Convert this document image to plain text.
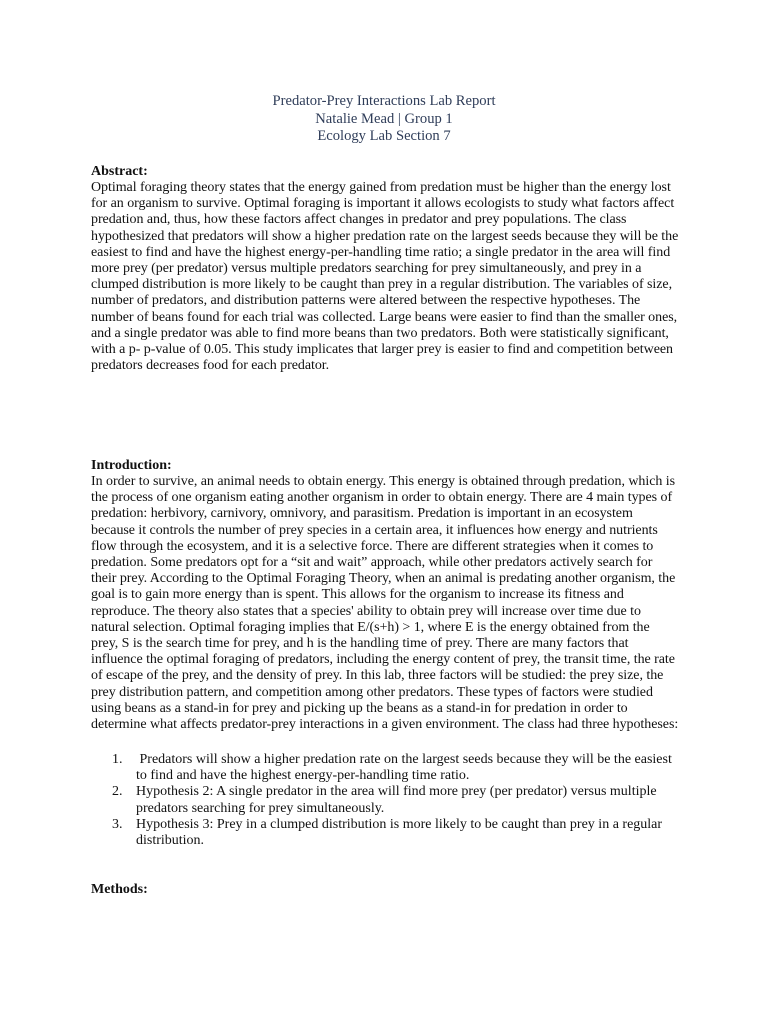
Predator-Prey Interactions Lab Report
Natalie Mead | Group 1
Ecology Lab Section 7
Abstract:
Optimal foraging theory states that the energy gained from predation must be higher than the energy lost
for an organism to survive. Optimal foraging is important it allows ecologists to study what factors affect
predation and, thus, how these factors affect changes in predator and prey populations. The class
hypothesized that predators will show a higher predation rate on the largest seeds because they will be the
easiest to find and have the highest energy-per-handling time ratio; a single predator in the area will find
more prey (per predator) versus multiple predators searching for prey simultaneously, and prey in a
clumped distribution is more likely to be caught than prey in a regular distribution. The variables of size,
number of predators, and distribution patterns were altered between the respective hypotheses. The
number of beans found for each trial was collected. Large beans were easier to find than the smaller ones,
and a single predator was able to find more beans than two predators. Both were statistically significant,
with a p- p-value of 0.05. This study implicates that larger prey is easier to find and competition between
predators decreases food for each predator.
Introduction:
In order to survive, an animal needs to obtain energy. This energy is obtained through predation, which is
the process of one organism eating another organism in order to obtain energy. There are 4 main types of
predation: herbivory, carnivory, omnivory, and parasitism. Predation is important in an ecosystem
because it controls the number of prey species in a certain area, it influences how energy and nutrients
flow through the ecosystem, and it is a selective force. There are different strategies when it comes to
predation. Some predators opt for a “sit and wait” approach, while other predators actively search for
their prey. According to the Optimal Foraging Theory, when an animal is predating another organism, the
goal is to gain more energy than is spent. This allows for the organism to increase its fitness and
reproduce. The theory also states that a species' ability to obtain prey will increase over time due to
natural selection. Optimal foraging implies that E/(s+h) > 1, where E is the energy obtained from the
prey, S is the search time for prey, and h is the handling time of prey. There are many factors that
influence the optimal foraging of predators, including the energy content of prey, the transit time, the rate
of escape of the prey, and the density of prey. In this lab, three factors will be studied: the prey size, the
prey distribution pattern, and competition among other predators. These types of factors were studied
using beans as a stand-in for prey and picking up the beans as a stand-in for predation in order to
determine what affects predator-prey interactions in a given environment. The class had three hypotheses:
1. Predators will show a higher predation rate on the largest seeds because they will be the easiest
to find and have the highest energy-per-handling time ratio.
2. Hypothesis 2: A single predator in the area will find more prey (per predator) versus multiple
predators searching for prey simultaneously.
3. Hypothesis 3: Prey in a clumped distribution is more likely to be caught than prey in a regular
distribution.
Methods:
